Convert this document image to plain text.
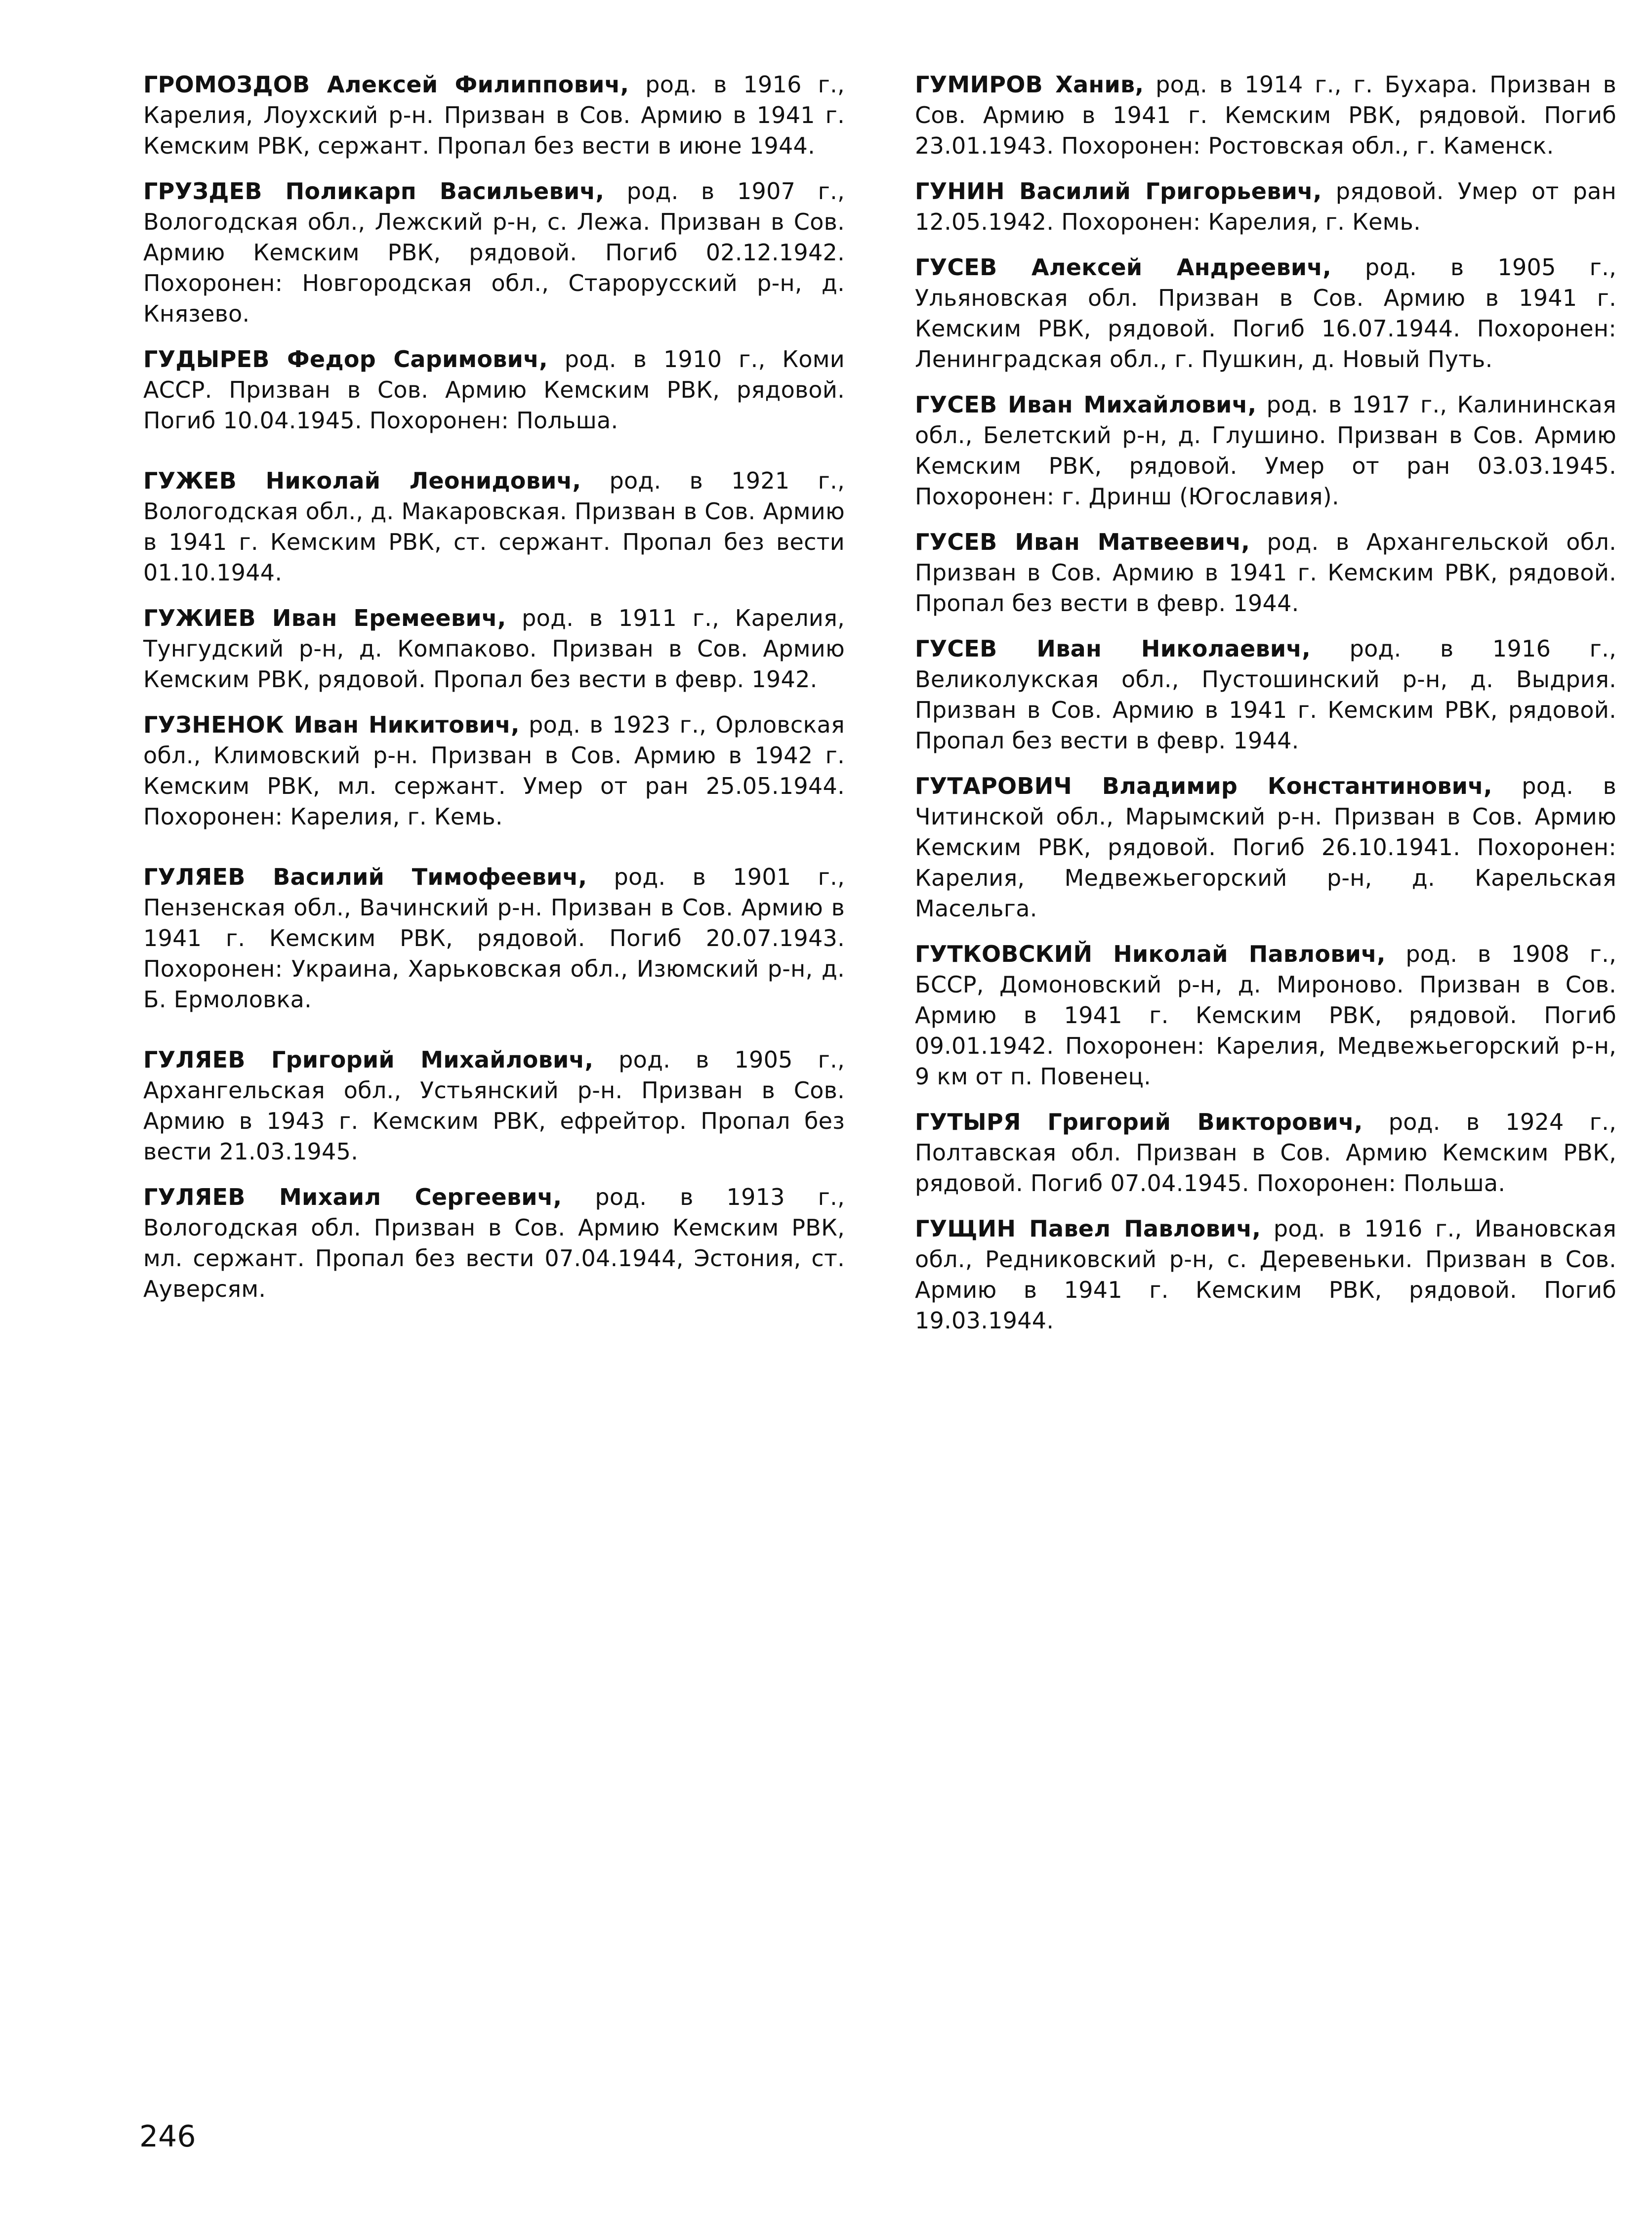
ГРОМОЗДОВ Алексей Филиппович, род. в 1916 г., Карелия, Лоухский р-н. Призван в Сов. Армию в 1941 г. Кемским РВК, сержант. Пропал без вести в июне 1944.

ГРУЗДЕВ Поликарп Васильевич, род. в 1907 г., Вологодская обл., Лежский р-н, с. Лежа. Призван в Сов. Армию Кемским РВК, рядовой. Погиб 02.12.1942. Похоронен: Новгородская обл., Старорусский р-н, д. Князево.

ГУДЫРЕВ Федор Саримович, род. в 1910 г., Коми АССР. Призван в Сов. Армию Кемским РВК, рядовой. Погиб 10.04.1945. Похоронен: Польша.

ГУЖЕВ Николай Леонидович, род. в 1921 г., Вологодская обл., д. Макаровская. Призван в Сов. Армию в 1941 г. Кемским РВК, ст. сержант. Пропал без вести 01.10.1944.

ГУЖИЕВ Иван Еремеевич, род. в 1911 г., Карелия, Тунгудский р-н, д. Компаково. Призван в Сов. Армию Кемским РВК, рядовой. Пропал без вести в февр. 1942.

ГУЗНЕНОК Иван Никитович, род. в 1923 г., Орловская обл., Климовский р-н. Призван в Сов. Армию в 1942 г. Кемским РВК, мл. сержант. Умер от ран 25.05.1944. Похоронен: Карелия, г. Кемь.

ГУЛЯЕВ Василий Тимофеевич, род. в 1901 г., Пензенская обл., Вачинский р-н. Призван в Сов. Армию в 1941 г. Кемским РВК, рядовой. Погиб 20.07.1943. Похоронен: Украина, Харьковская обл., Изюмский р-н, д. Б. Ермоловка.

ГУЛЯЕВ Григорий Михайлович, род. в 1905 г., Архангельская обл., Устьянский р-н. Призван в Сов. Армию в 1943 г. Кемским РВК, ефрейтор. Пропал без вести 21.03.1945.

ГУЛЯЕВ Михаил Сергеевич, род. в 1913 г., Вологодская обл. Призван в Сов. Армию Кемским РВК, мл. сержант. Пропал без вести 07.04.1944, Эстония, ст. Ауверсям.

ГУМИРОВ Ханив, род. в 1914 г., г. Бухара. Призван в Сов. Армию в 1941 г. Кемским РВК, рядовой. Погиб 23.01.1943. Похоронен: Ростовская обл., г. Каменск.

ГУНИН Василий Григорьевич, рядовой. Умер от ран 12.05.1942. Похоронен: Карелия, г. Кемь.

ГУСЕВ Алексей Андреевич, род. в 1905 г., Ульяновская обл. Призван в Сов. Армию в 1941 г. Кемским РВК, рядовой. Погиб 16.07.1944. Похоронен: Ленинградская обл., г. Пушкин, д. Новый Путь.

ГУСЕВ Иван Михайлович, род. в 1917 г., Калининская обл., Белетский р-н, д. Глушино. Призван в Сов. Армию Кемским РВК, рядовой. Умер от ран 03.03.1945. Похоронен: г. Дринш (Югославия).

ГУСЕВ Иван Матвеевич, род. в Архангельской обл. Призван в Сов. Армию в 1941 г. Кемским РВК, рядовой. Пропал без вести в февр. 1944.

ГУСЕВ Иван Николаевич, род. в 1916 г., Великолукская обл., Пустошинский р-н, д. Выдрия. Призван в Сов. Армию в 1941 г. Кемским РВК, рядовой. Пропал без вести в февр. 1944.

ГУТАРОВИЧ Владимир Константинович, род. в Читинской обл., Марымский р-н. Призван в Сов. Армию Кемским РВК, рядовой. Погиб 26.10.1941. Похоронен: Карелия, Медвежьегорский р-н, д. Карельская Масельга.

ГУТКОВСКИЙ Николай Павлович, род. в 1908 г., БССР, Домоновский р-н, д. Мироново. Призван в Сов. Армию в 1941 г. Кемским РВК, рядовой. Погиб 09.01.1942. Похоронен: Карелия, Медвежьегорский р-н, 9 км от п. Повенец.

ГУТЫРЯ Григорий Викторович, род. в 1924 г., Полтавская обл. Призван в Сов. Армию Кемским РВК, рядовой. Погиб 07.04.1945. Похоронен: Польша.

ГУЩИН Павел Павлович, род. в 1916 г., Ивановская обл., Редниковский р-н, с. Деревеньки. Призван в Сов. Армию в 1941 г. Кемским РВК, рядовой. Погиб 19.03.1944.

246
